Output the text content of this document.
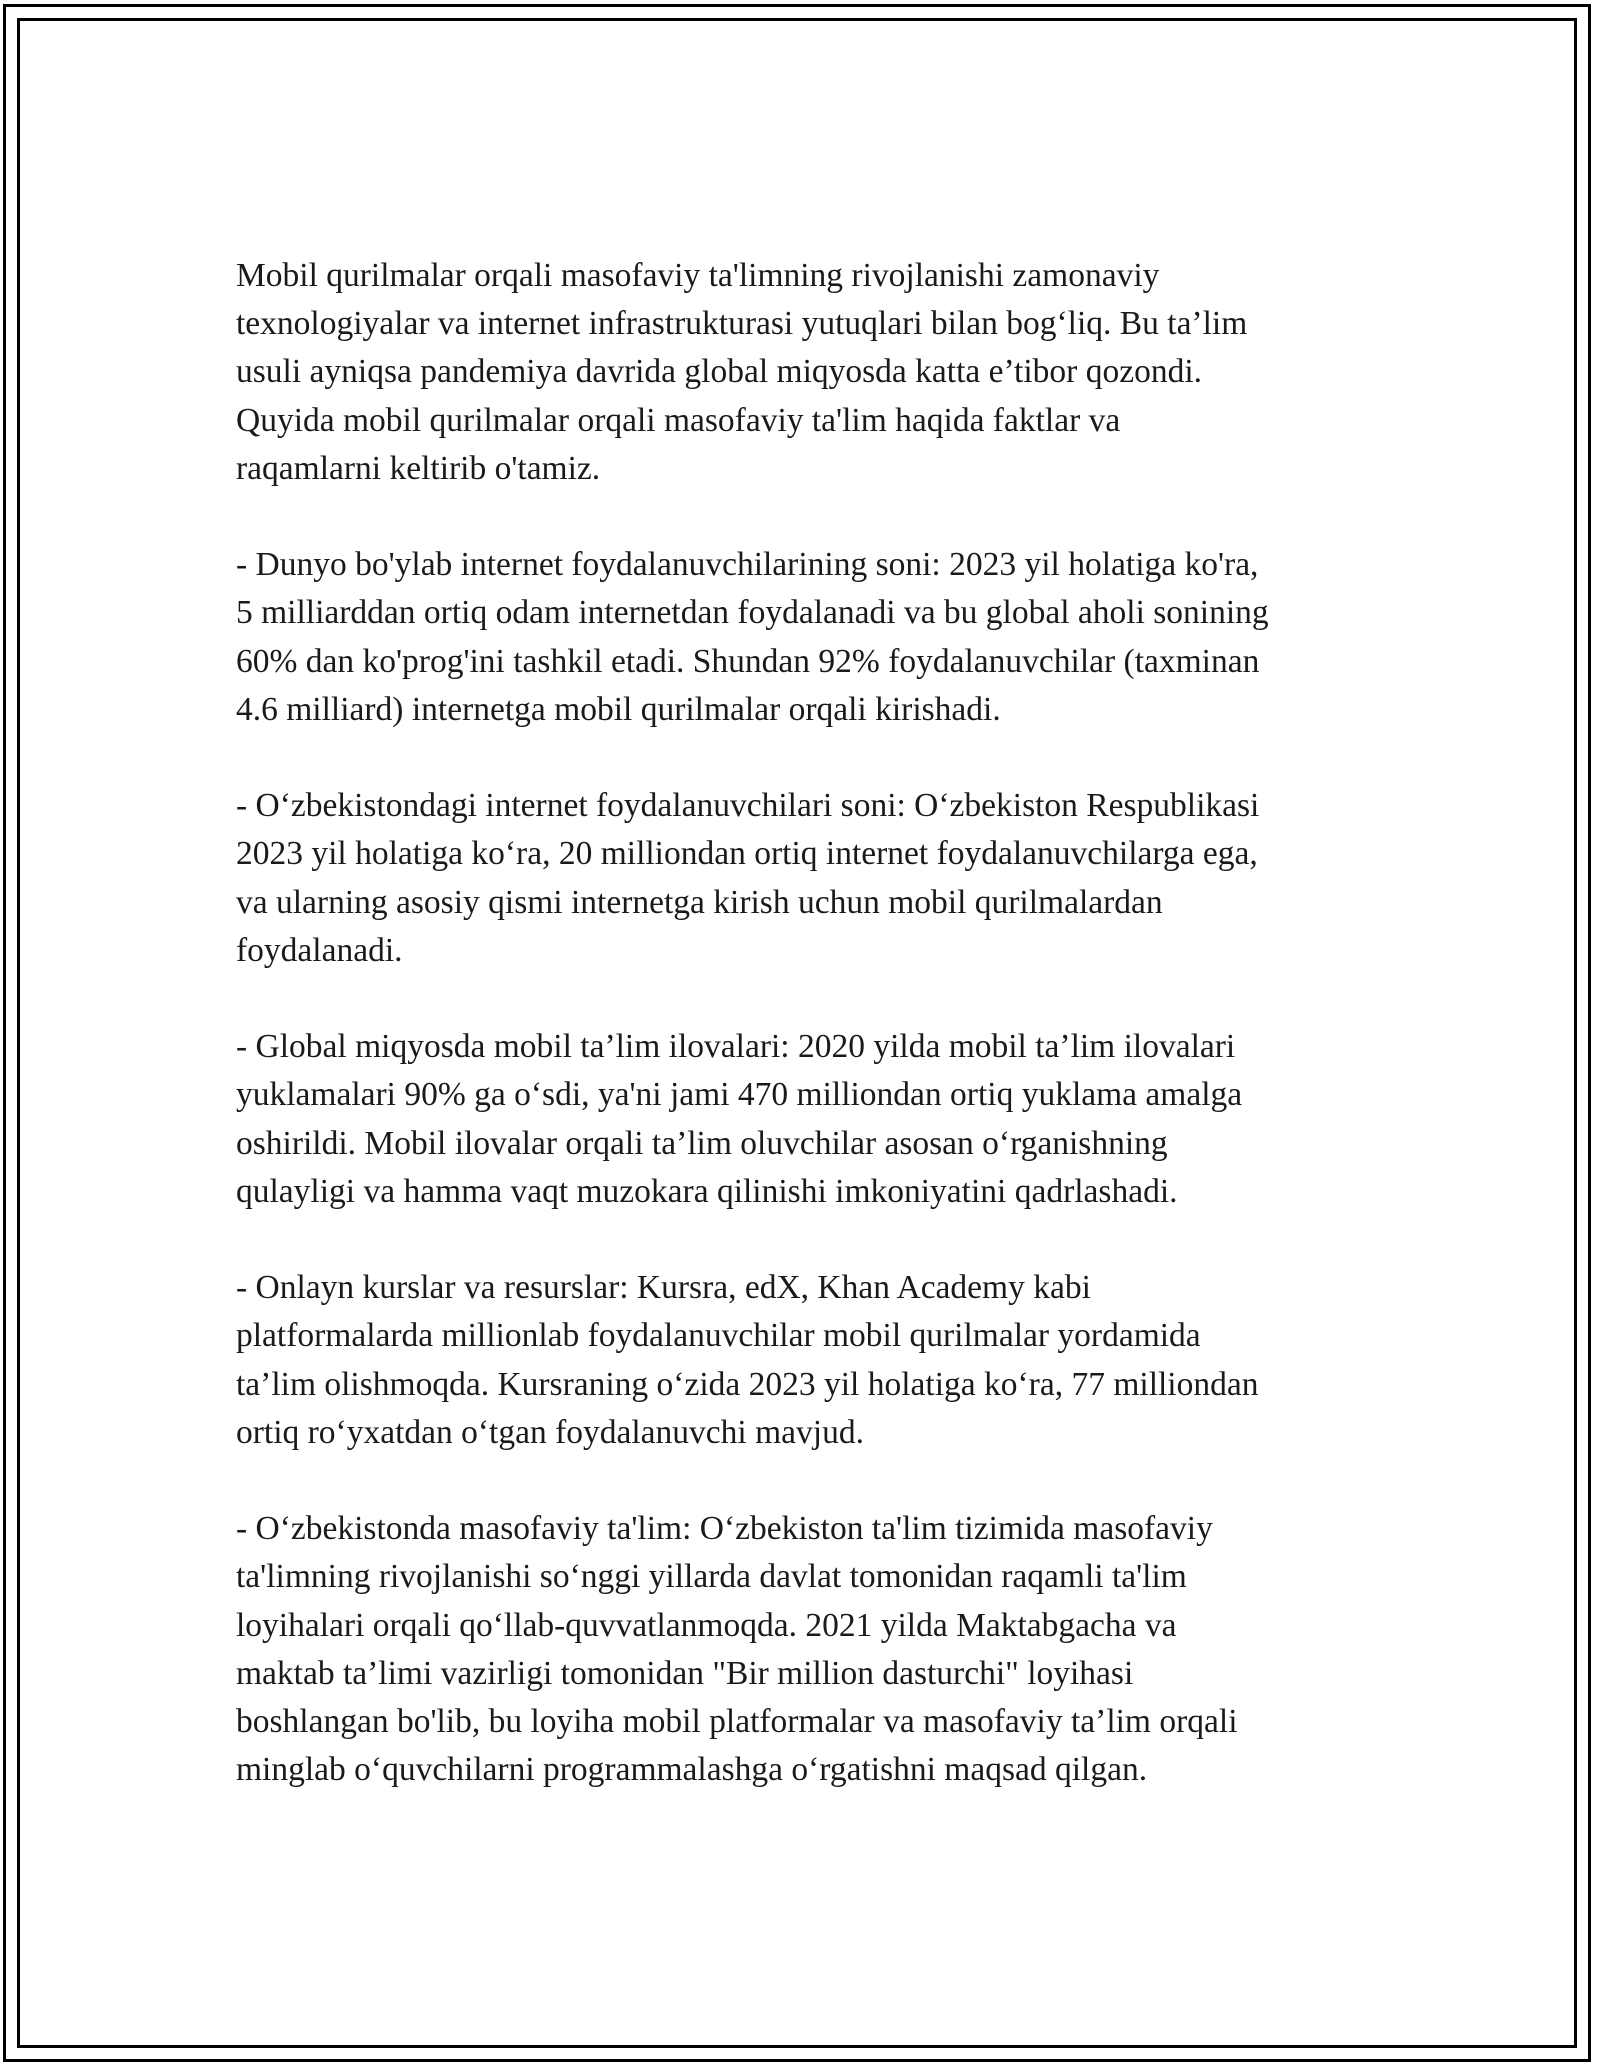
Mobil qurilmalar orqali masofaviy ta'limning rivojlanishi zamonaviy
texnologiyalar va internet infrastrukturasi yutuqlari bilan bog‘liq. Bu ta’lim
usuli ayniqsa pandemiya davrida global miqyosda katta e’tibor qozondi.
Quyida mobil qurilmalar orqali masofaviy ta'lim haqida faktlar va
raqamlarni keltirib o'tamiz.

- Dunyo bo'ylab internet foydalanuvchilarining soni: 2023 yil holatiga ko'ra,
5 milliarddan ortiq odam internetdan foydalanadi va bu global aholi sonining
60% dan ko'prog'ini tashkil etadi. Shundan 92% foydalanuvchilar (taxminan
4.6 milliard) internetga mobil qurilmalar orqali kirishadi.

- O‘zbekistondagi internet foydalanuvchilari soni: O‘zbekiston Respublikasi
2023 yil holatiga ko‘ra, 20 milliondan ortiq internet foydalanuvchilarga ega,
va ularning asosiy qismi internetga kirish uchun mobil qurilmalardan
foydalanadi.

- Global miqyosda mobil ta’lim ilovalari: 2020 yilda mobil ta’lim ilovalari
yuklamalari 90% ga o‘sdi, ya'ni jami 470 milliondan ortiq yuklama amalga
oshirildi. Mobil ilovalar orqali ta’lim oluvchilar asosan o‘rganishning
qulayligi va hamma vaqt muzokara qilinishi imkoniyatini qadrlashadi.

- Onlayn kurslar va resurslar: Kursra, edX, Khan Academy kabi
platformalarda millionlab foydalanuvchilar mobil qurilmalar yordamida
ta’lim olishmoqda. Kursraning o‘zida 2023 yil holatiga ko‘ra, 77 milliondan
ortiq ro‘yxatdan o‘tgan foydalanuvchi mavjud.

- O‘zbekistonda masofaviy ta'lim: O‘zbekiston ta'lim tizimida masofaviy
ta'limning rivojlanishi so‘nggi yillarda davlat tomonidan raqamli ta'lim
loyihalari orqali qo‘llab-quvvatlanmoqda. 2021 yilda Maktabgacha va
maktab ta’limi vazirligi tomonidan "Bir million dasturchi" loyihasi
boshlangan bo'lib, bu loyiha mobil platformalar va masofaviy ta’lim orqali
minglab o‘quvchilarni programmalashga o‘rgatishni maqsad qilgan.
